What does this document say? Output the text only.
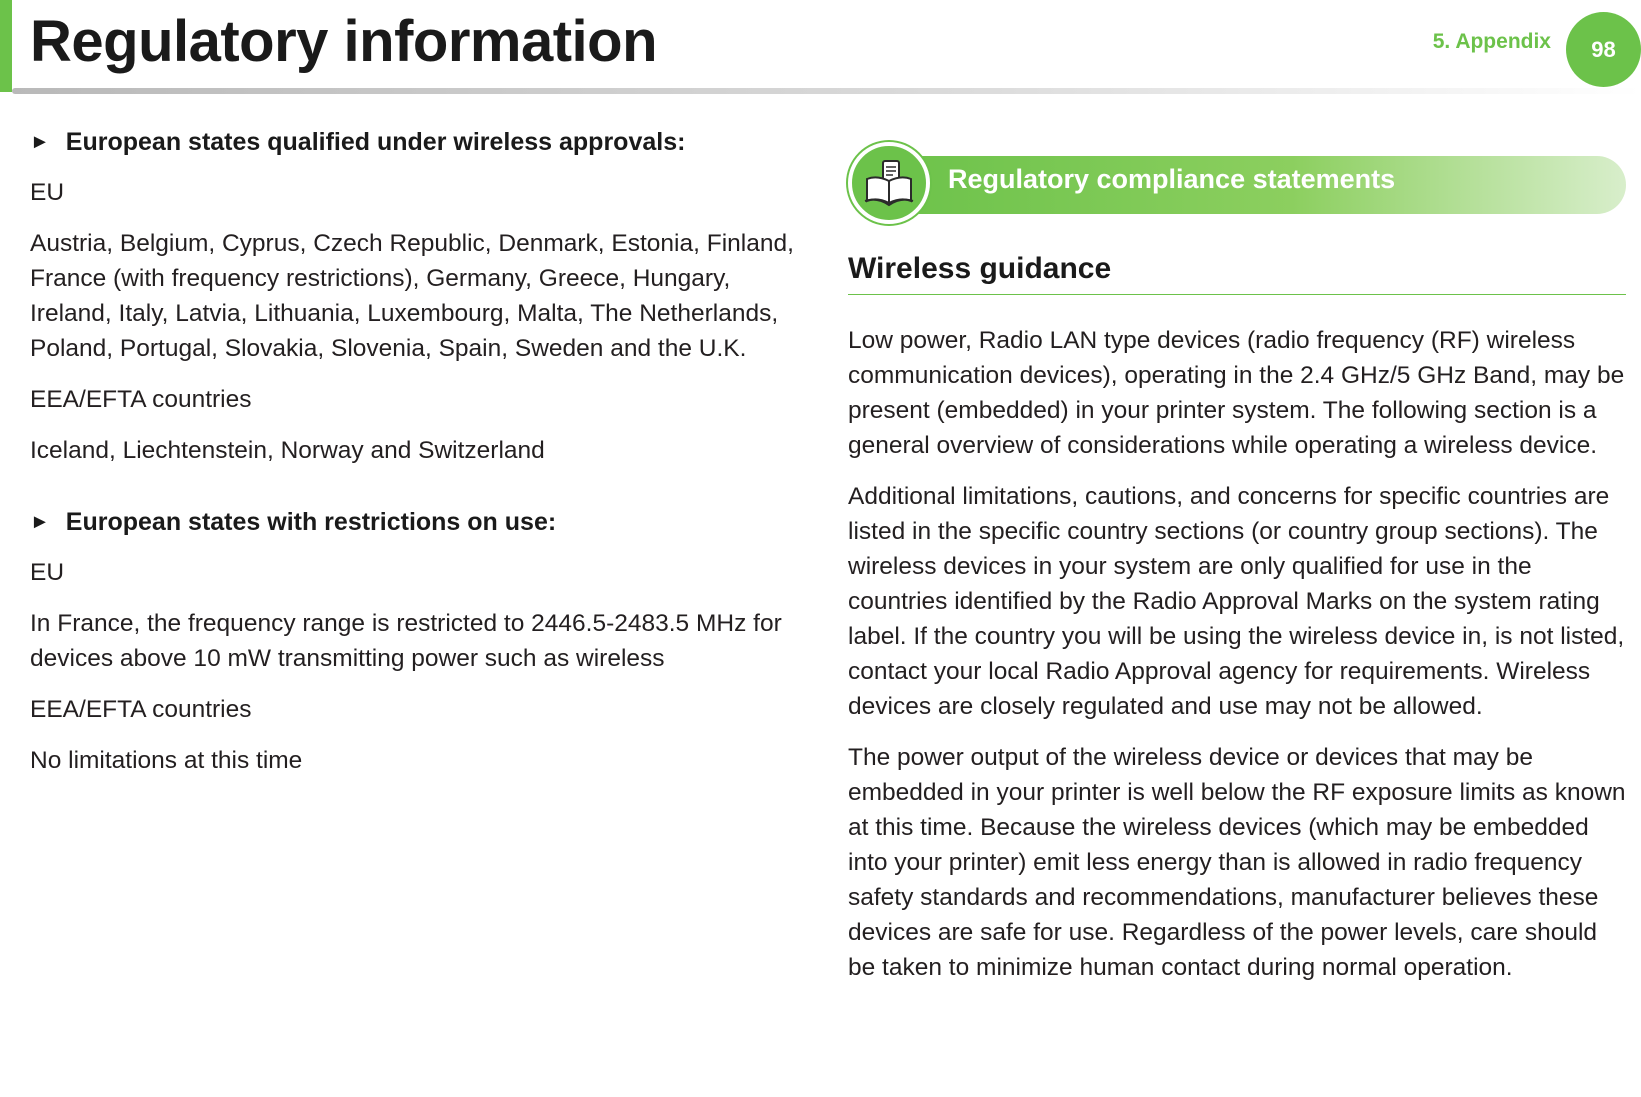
Regulatory information	5. Appendix	98
► European states qualified under wireless approvals:

EU

Austria, Belgium, Cyprus, Czech Republic, Denmark, Estonia, Finland, France (with frequency restrictions), Germany, Greece, Hungary, Ireland, Italy, Latvia, Lithuania, Luxembourg, Malta, The Netherlands, Poland, Portugal, Slovakia, Slovenia, Spain, Sweden and the U.K.

EEA/EFTA countries

Iceland, Liechtenstein, Norway and Switzerland

► European states with restrictions on use:

EU

In France, the frequency range is restricted to 2446.5-2483.5 MHz for devices above 10 mW transmitting power such as wireless

EEA/EFTA countries

No limitations at this time

Regulatory compliance statements
Wireless guidance

Low power, Radio LAN type devices (radio frequency (RF) wireless communication devices), operating in the 2.4 GHz/5 GHz Band, may be present (embedded) in your printer system. The following section is a general overview of considerations while operating a wireless device.

Additional limitations, cautions, and concerns for specific countries are listed in the specific country sections (or country group sections). The wireless devices in your system are only qualified for use in the countries identified by the Radio Approval Marks on the system rating label. If the country you will be using the wireless device in, is not listed, contact your local Radio Approval agency for requirements. Wireless devices are closely regulated and use may not be allowed.

The power output of the wireless device or devices that may be embedded in your printer is well below the RF exposure limits as known at this time. Because the wireless devices (which may be embedded into your printer) emit less energy than is allowed in radio frequency safety standards and recommendations, manufacturer believes these devices are safe for use. Regardless of the power levels, care should be taken to minimize human contact during normal operation.
